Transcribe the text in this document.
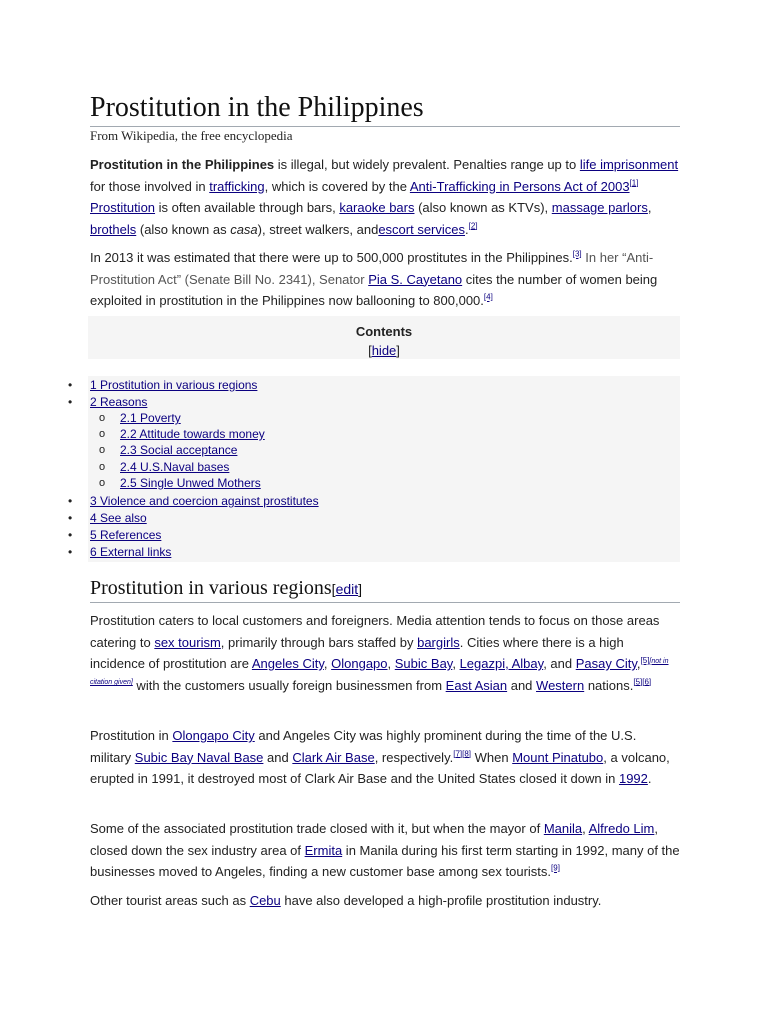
Prostitution in the Philippines
From Wikipedia, the free encyclopedia

Prostitution in the Philippines is illegal, but widely prevalent. Penalties range up to life imprisonment for those involved in trafficking, which is covered by the Anti-Trafficking in Persons Act of 2003[1] Prostitution is often available through bars, karaoke bars (also known as KTVs), massage parlors, brothels (also known as casa), street walkers, andescort services.[2]

In 2013 it was estimated that there were up to 500,000 prostitutes in the Philippines.[3] In her “Anti-Prostitution Act” (Senate Bill No. 2341), Senator Pia S. Cayetano cites the number of women being exploited in prostitution in the Philippines now ballooning to 800,000.[4]

Contents
[hide]
• 1 Prostitution in various regions
• 2 Reasons
o 2.1 Poverty
o 2.2 Attitude towards money
o 2.3 Social acceptance
o 2.4 U.S.Naval bases
o 2.5 Single Unwed Mothers
• 3 Violence and coercion against prostitutes
• 4 See also
• 5 References
• 6 External links
Prostitution in various regions[edit]

Prostitution caters to local customers and foreigners. Media attention tends to focus on those areas catering to sex tourism, primarily through bars staffed by bargirls. Cities where there is a high incidence of prostitution are Angeles City, Olongapo, Subic Bay, Legazpi, Albay, and Pasay City,[5][not in citation given] with the customers usually foreign businessmen from East Asian and Western nations.[5][6]

Prostitution in Olongapo City and Angeles City was highly prominent during the time of the U.S. military Subic Bay Naval Base and Clark Air Base, respectively.[7][8] When Mount Pinatubo, a volcano, erupted in 1991, it destroyed most of Clark Air Base and the United States closed it down in 1992.

Some of the associated prostitution trade closed with it, but when the mayor of Manila, Alfredo Lim, closed down the sex industry area of Ermita in Manila during his first term starting in 1992, many of the businesses moved to Angeles, finding a new customer base among sex tourists.[9]

Other tourist areas such as Cebu have also developed a high-profile prostitution industry.
